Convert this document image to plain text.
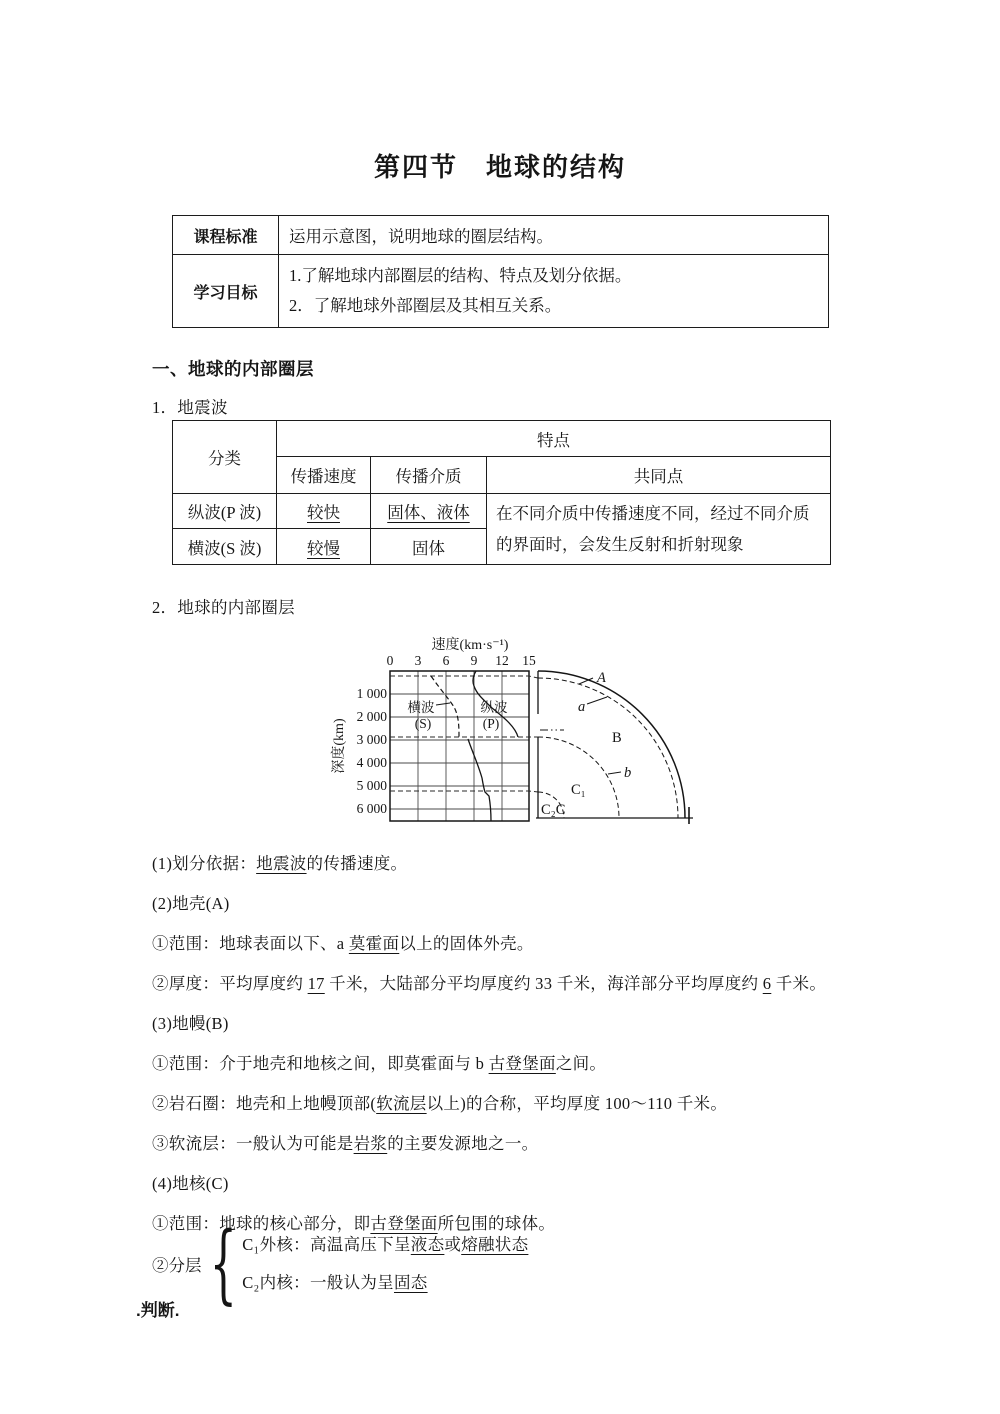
第四节　地球的结构
课程标准	运用示意图，说明地球的圈层结构。
学习目标	1.了解地球内部圈层的结构、特点及划分依据。
2．了解地球外部圈层及其相互关系。
一、地球的内部圈层
1．地震波
分类	特点		
	传播速度	传播介质	共同点
纵波(P 波)	较快	固体、液体	在不同介质中传播速度不同，经过不同介质的界面时，会发生反射和折射现象
横波(S 波)	较慢	固体	
2．地球的内部圈层
速度(km·s⁻¹)
0 3 6 9 12 15
1 000
2 000
3 000
4 000
5 000
6 000
深度(km)
横波
(S)
纵波
(P)
A
a
B
b
C₁
C₂C
(1)划分依据：地震波的传播速度。
(2)地壳(A)
①范围：地球表面以下、a 莫霍面以上的固体外壳。
②厚度：平均厚度约 17 千米，大陆部分平均厚度约 33 千米，海洋部分平均厚度约 6 千米。
(3)地幔(B)
①范围：介于地壳和地核之间，即莫霍面与 b 古登堡面之间。
②岩石圈：地壳和上地幔顶部(软流层以上)的合称，平均厚度 100～110 千米。
③软流层：一般认为可能是岩浆的主要发源地之一。
(4)地核(C)
①范围：地球的核心部分，即古登堡面所包围的球体。
②分层 { C₁外核：高温高压下呈液态或熔融状态
C₂内核：一般认为呈固态
.判断.
